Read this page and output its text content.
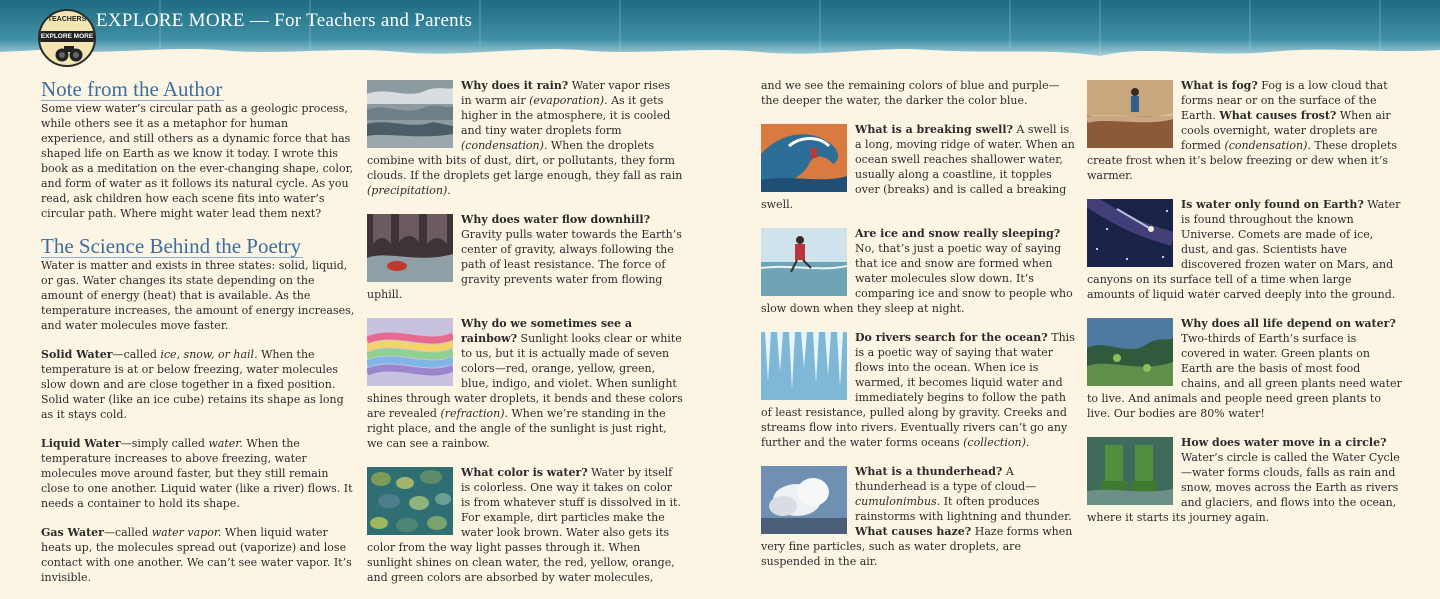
EXPLORE MORE — For Teachers and Parents
TEACHERS
EXPLORE MORE
Note from the Author

Some view water’s circular path as a geologic process, while others see it as a metaphor for human experience, and still others as a dynamic force that has shaped life on Earth as we know it today. I wrote this book as a meditation on the ever-changing shape, color, and form of water as it follows its natural cycle. As you read, ask children how each scene fits into water’s circular path. Where might water lead them next?

The Science Behind the Poetry

Water is matter and exists in three states: solid, liquid, or gas. Water changes its state depending on the amount of energy (heat) that is available. As the temperature increases, the amount of energy increases, and water molecules move faster.

Solid Water—called ice, snow, or hail. When the temperature is at or below freezing, water molecules slow down and are close together in a fixed position. Solid water (like an ice cube) retains its shape as long as it stays cold.

Liquid Water—simply called water. When the temperature increases to above freezing, water molecules move around faster, but they still remain close to one another. Liquid water (like a river) flows. It needs a container to hold its shape.

Gas Water—called water vapor. When liquid water heats up, the molecules spread out (vaporize) and lose contact with one another. We can’t see water vapor. It’s invisible.

Why does it rain? Water vapor rises in warm air (evaporation). As it gets higher in the atmosphere, it is cooled and tiny water droplets form (condensation). When the droplets combine with bits of dust, dirt, or pollutants, they form clouds. If the droplets get large enough, they fall as rain (precipitation).

Why does water flow downhill? Gravity pulls water towards the Earth’s center of gravity, always following the path of least resistance. The force of gravity prevents water from flowing uphill.

Why do we sometimes see a rainbow? Sunlight looks clear or white to us, but it is actually made of seven colors—red, orange, yellow, green, blue, indigo, and violet. When sunlight shines through water droplets, it bends and these colors are revealed (refraction). When we’re standing in the right place, and the angle of the sunlight is just right, we can see a rainbow.

What color is water? Water by itself is colorless. One way it takes on color is from whatever stuff is dissolved in it. For example, dirt particles make the water look brown. Water also gets its color from the way light passes through it. When sunlight shines on clean water, the red, yellow, orange, and green colors are absorbed by water molecules,

and we see the remaining colors of blue and purple—the deeper the water, the darker the color blue.

What is a breaking swell? A swell is a long, moving ridge of water. When an ocean swell reaches shallower water, usually along a coastline, it topples over (breaks) and is called a breaking swell.

Are ice and snow really sleeping? No, that’s just a poetic way of saying that ice and snow are formed when water molecules slow down. It’s comparing ice and snow to people who slow down when they sleep at night.

Do rivers search for the ocean? This is a poetic way of saying that water flows into the ocean. When ice is warmed, it becomes liquid water and immediately begins to follow the path of least resistance, pulled along by gravity. Creeks and streams flow into rivers. Eventually rivers can’t go any further and the water forms oceans (collection).

What is a thunderhead? A thunderhead is a type of cloud—cumulonimbus. It often produces rainstorms with lightning and thunder. What causes haze? Haze forms when very fine particles, such as water droplets, are suspended in the air.

What is fog? Fog is a low cloud that forms near or on the surface of the Earth. What causes frost? When air cools overnight, water droplets are formed (condensation). These droplets create frost when it’s below freezing or dew when it’s warmer.

Is water only found on Earth? Water is found throughout the known Universe. Comets are made of ice, dust, and gas. Scientists have discovered frozen water on Mars, and canyons on its surface tell of a time when large amounts of liquid water carved deeply into the ground.

Why does all life depend on water? Two-thirds of Earth’s surface is covered in water. Green plants on Earth are the basis of most food chains, and all green plants need water to live. And animals and people need green plants to live. Our bodies are 80% water!

How does water move in a circle? Water’s circle is called the Water Cycle—water forms clouds, falls as rain and snow, moves across the Earth as rivers and glaciers, and flows into the ocean, where it starts its journey again.
